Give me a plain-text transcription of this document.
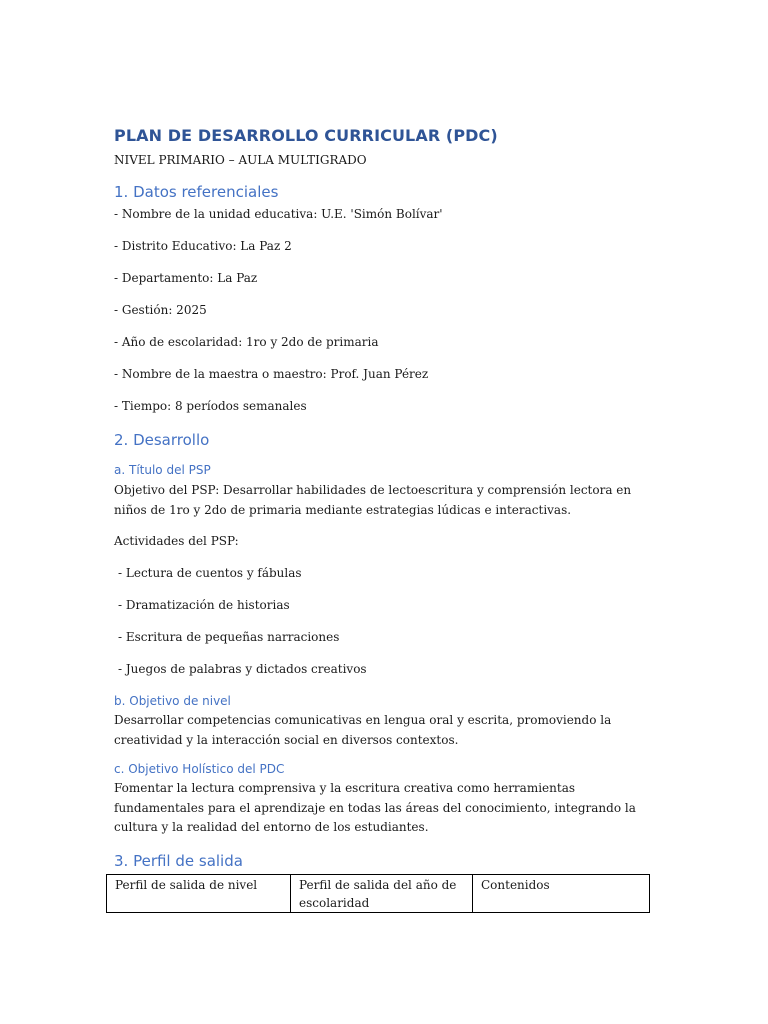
PLAN DE DESARROLLO CURRICULAR (PDC)

NIVEL PRIMARIO – AULA MULTIGRADO

1. Datos referenciales

- Nombre de la unidad educativa: U.E. 'Simón Bolívar'

- Distrito Educativo: La Paz 2

- Departamento: La Paz

- Gestión: 2025

- Año de escolaridad: 1ro y 2do de primaria

- Nombre de la maestra o maestro: Prof. Juan Pérez

- Tiempo: 8 períodos semanales

2. Desarrollo
a. Título del PSP

Objetivo del PSP: Desarrollar habilidades de lectoescritura y comprensión lectora en niños de 1ro y 2do de primaria mediante estrategias lúdicas e interactivas.

Actividades del PSP:

- Lectura de cuentos y fábulas

- Dramatización de historias

- Escritura de pequeñas narraciones

- Juegos de palabras y dictados creativos

b. Objetivo de nivel

Desarrollar competencias comunicativas en lengua oral y escrita, promoviendo la creatividad y la interacción social en diversos contextos.

c. Objetivo Holístico del PDC

Fomentar la lectura comprensiva y la escritura creativa como herramientas fundamentales para el aprendizaje en todas las áreas del conocimiento, integrando la cultura y la realidad del entorno de los estudiantes.

3. Perfil de salida
Perfil de salida de nivel	Perfil de salida del año de escolaridad	Contenidos
